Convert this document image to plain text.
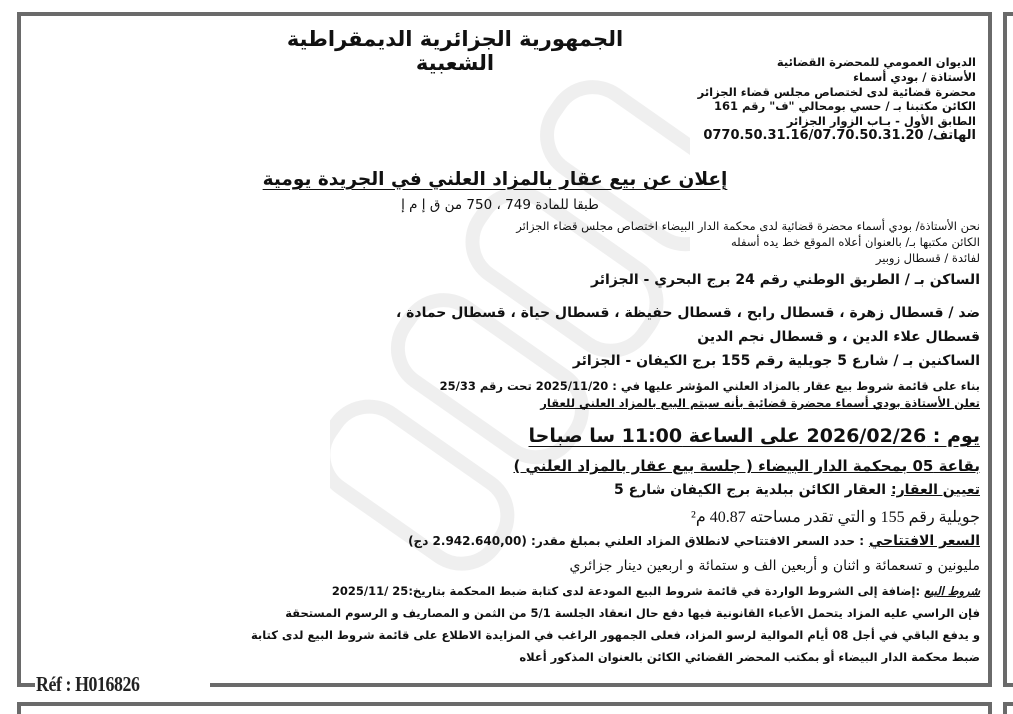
Réf : H016826
الجمهورية الجزائرية الديمقراطية الشعبية	الديوان العمومي للمحضرة القضائية
الأستاذة / بودي أسماء
محضرة قضائية لدى لختصاص مجلس قضاء الجزائر
الكائن مكتبنا بـ / حسي بومحالي "ف" رقم 161
الطابق الأول - بـاب الزوار الجزائر
الهاتف/ 0770.50.31.16/07.70.50.31.20
إعلان عن بيع عقار بالمزاد العلني في الجريدة يومية
طبقا للمادة 749 ، 750 من ق إ م إ
نحن الأستاذة/ بودي أسماء محضرة قضائية لدى محكمة الدار البيضاء اختصاص مجلس قضاء الجزائر
الكائن مكتبها بـ/ بالعنوان أعلاه الموقع خط يده أسفله
لفائدة / قسطال زوبير
الساكن بـ / الطريق الوطني رقم 24 برج البحري - الجزائر
ضد / قسطال زهرة ، قسطال رابح ، قسطال حفيظة ، قسطال حياة ، قسطال حمادة ،
قسطال علاء الدين ، و قسطال نجم الدين
الساكنين بـ / شارع 5 جويلية رقم 155 برج الكيفان - الجزائر
بناء على قائمة شروط بيع عقار بالمزاد العلني المؤشر عليها في : 2025/11/20 تحت رقم 25/33
تعلن الأستاذة بودي أسماء محضرة قضائية بأنه سيتم البيع بالمزاد العلني للعقار
يوم : 2026/02/26 على الساعة 11:00 سا صباحا
بقاعة 05 بمحكمة الدار البيضاء ( جلسة بيع عقار بالمزاد العلني )
تعيين العقار: العقار الكائن ببلدية برج الكيفان شارع 5
جويلية رقم 155 و التي تقدر مساحته 40.87 م²
السعر الافتتاحي : حدد السعر الافتتاحي لانطلاق المزاد العلني بمبلغ مقدر: (2.942.640,00 دج)
مليونين و تسعمائة و اثنان و أربعين الف و ستمائة و اربعين دينار جزائري
شروط البيع :إضافة إلى الشروط الواردة في قائمة شروط البيع المودعة لدى كتابة ضبط المحكمة بتاريخ:25 /2025/11
فإن الراسي عليه المزاد يتحمل الأعباء القانونية فيها دفع حال انعقاد الجلسة 5/1 من الثمن و المصاريف و الرسوم المستحقة
و يدفع الباقي في أجل 08 أيام الموالية لرسو المزاد، فعلى الجمهور الراغب في المزايدة الاطلاع على قائمة شروط البيع لدى كتابة
ضبط محكمة الدار البيضاء أو بمكتب المحضر القضائي الكائن بالعنوان المذكور أعلاه
